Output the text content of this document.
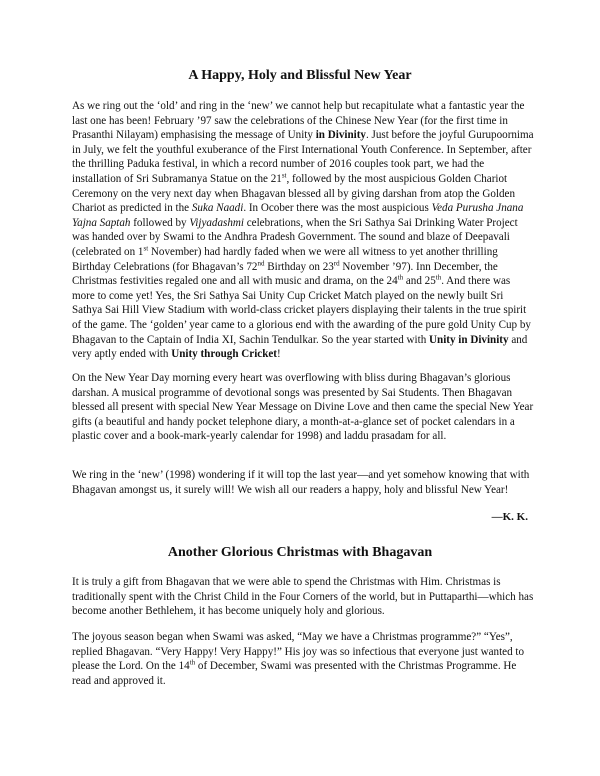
A Happy, Holy and Blissful New Year

As we ring out the ‘old’ and ring in the ‘new’ we cannot help but recapitulate what a fantastic year the last one has been! February ’97 saw the celebrations of the Chinese New Year (for the first time in Prasanthi Nilayam) emphasising the message of Unity in Divinity. Just before the joyful Gurupoornima in July, we felt the youthful exuberance of the First International Youth Conference. In September, after the thrilling Paduka festival, in which a record number of 2016 couples took part, we had the installation of Sri Subramanya Statue on the 21st, followed by the most auspicious Golden Chariot Ceremony on the very next day when Bhagavan blessed all by giving darshan from atop the Golden Chariot as predicted in the Suka Naadi. In Ocober there was the most auspicious Veda Purusha Jnana Yajna Saptah followed by Vijyadashmi celebrations, when the Sri Sathya Sai Drinking Water Project was handed over by Swami to the Andhra Pradesh Government. The sound and blaze of Deepavali (celebrated on 1st November) had hardly faded when we were all witness to yet another thrilling Birthday Celebrations (for Bhagavan’s 72nd Birthday on 23rd November ’97). Inn December, the Christmas festivities regaled one and all with music and drama, on the 24th and 25th. And there was more to come yet! Yes, the Sri Sathya Sai Unity Cup Cricket Match played on the newly built Sri Sathya Sai Hill View Stadium with world-class cricket players displaying their talents in the true spirit of the game. The ‘golden’ year came to a glorious end with the awarding of the pure gold Unity Cup by Bhagavan to the Captain of India XI, Sachin Tendulkar. So the year started with Unity in Divinity and very aptly ended with Unity through Cricket!

On the New Year Day morning every heart was overflowing with bliss during Bhagavan’s glorious darshan. A musical programme of devotional songs was presented by Sai Students. Then Bhagavan blessed all present with special New Year Message on Divine Love and then came the special New Year gifts (a beautiful and handy pocket telephone diary, a month-at-a-glance set of pocket calendars in a plastic cover and a book-mark-yearly calendar for 1998) and laddu prasadam for all.

We ring in the ‘new’ (1998) wondering if it will top the last year—and yet somehow knowing that with Bhagavan amongst us, it surely will! We wish all our readers a happy, holy and blissful New Year!

—K. K.
Another Glorious Christmas with Bhagavan

It is truly a gift from Bhagavan that we were able to spend the Christmas with Him. Christmas is traditionally spent with the Christ Child in the Four Corners of the world, but in Puttaparthi—which has become another Bethlehem, it has become uniquely holy and glorious.

The joyous season began when Swami was asked, “May we have a Christmas programme?” “Yes”, replied Bhagavan. “Very Happy! Very Happy!” His joy was so infectious that everyone just wanted to please the Lord. On the 14th of December, Swami was presented with the Christmas Programme. He read and approved it.
